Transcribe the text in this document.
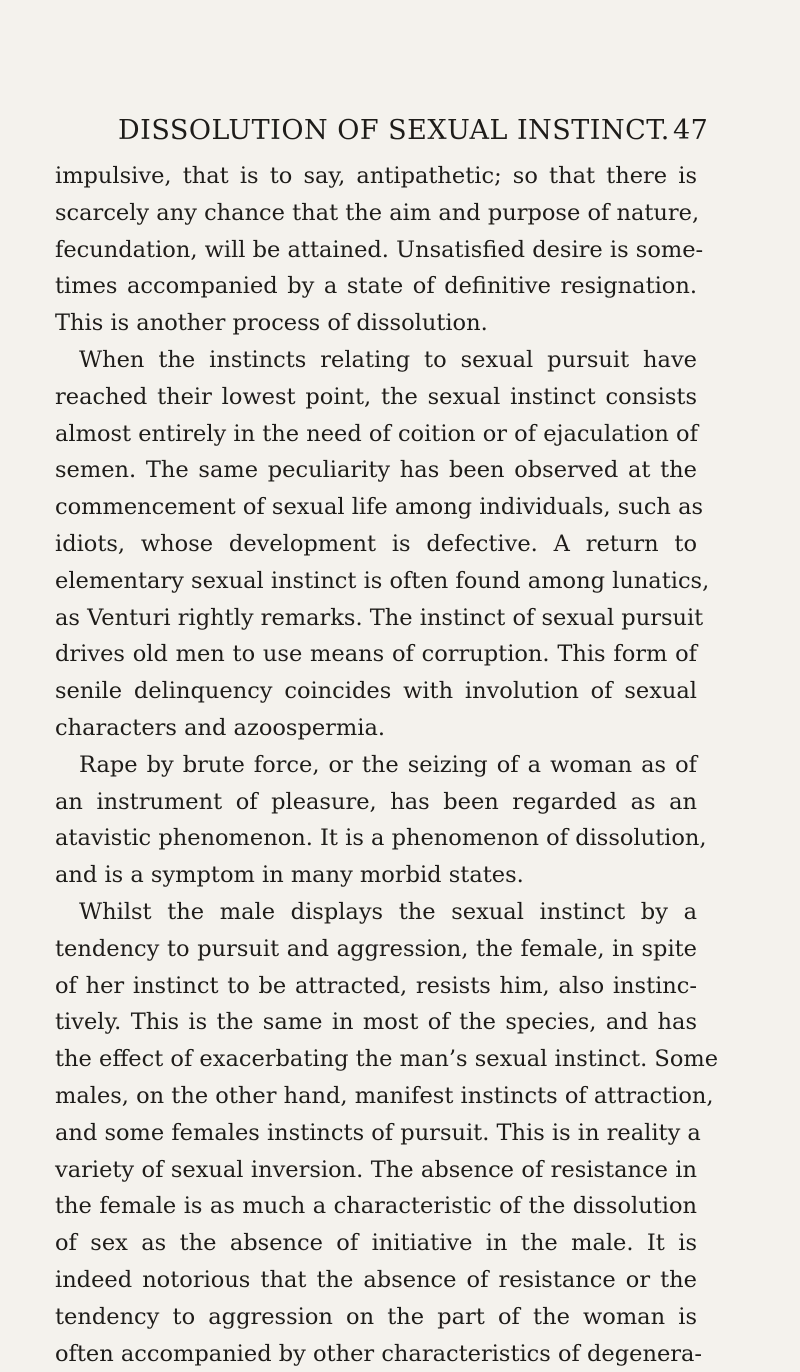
DISSOLUTION OF SEXUAL INSTINCT. 47
impulsive, that is to say, antipathetic; so that there is
scarcely any chance that the aim and purpose of nature,
fecundation, will be attained. Unsatisfied desire is some-
times accompanied by a state of definitive resignation.
This is another process of dissolution.
When the instincts relating to sexual pursuit have
reached their lowest point, the sexual instinct consists
almost entirely in the need of coition or of ejaculation of
semen. The same peculiarity has been observed at the
commencement of sexual life among individuals, such as
idiots, whose development is defective. A return to
elementary sexual instinct is often found among lunatics,
as Venturi rightly remarks. The instinct of sexual pursuit
drives old men to use means of corruption. This form of
senile delinquency coincides with involution of sexual
characters and azoospermia.
Rape by brute force, or the seizing of a woman as of
an instrument of pleasure, has been regarded as an
atavistic phenomenon. It is a phenomenon of dissolution,
and is a symptom in many morbid states.
Whilst the male displays the sexual instinct by a
tendency to pursuit and aggression, the female, in spite
of her instinct to be attracted, resists him, also instinc-
tively. This is the same in most of the species, and has
the effect of exacerbating the man’s sexual instinct. Some
males, on the other hand, manifest instincts of attraction,
and some females instincts of pursuit. This is in reality a
variety of sexual inversion. The absence of resistance in
the female is as much a characteristic of the dissolution
of sex as the absence of initiative in the male. It is
indeed notorious that the absence of resistance or the
tendency to aggression on the part of the woman is
often accompanied by other characteristics of degenera-
